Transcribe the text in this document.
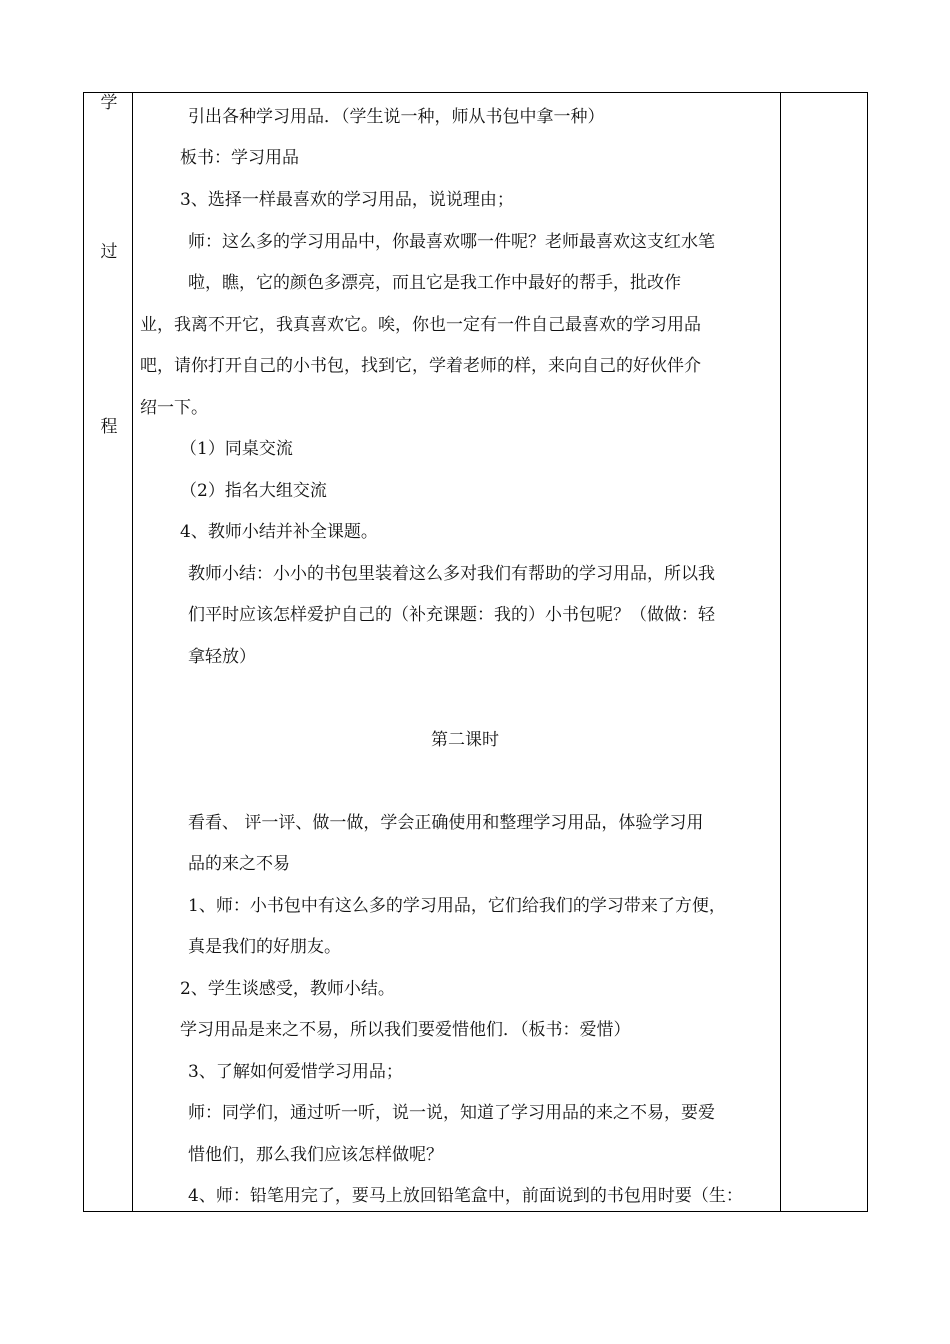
学
过
程
引出各种学习用品．（学生说一种，师从书包中拿一种）
板书：学习用品
3、选择一样最喜欢的学习用品，说说理由；
师：这么多的学习用品中，你最喜欢哪一件呢？老师最喜欢这支红水笔
啦，瞧，它的颜色多漂亮，而且它是我工作中最好的帮手，批改作
业，我离不开它，我真喜欢它。唉，你也一定有一件自己最喜欢的学习用品
吧，请你打开自己的小书包，找到它，学着老师的样，来向自己的好伙伴介
绍一下。
（1）同桌交流
（2）指名大组交流
4、教师小结并补全课题。
教师小结：小小的书包里装着这么多对我们有帮助的学习用品，所以我
们平时应该怎样爱护自己的（补充课题：我的）小书包呢？（做做：轻
拿轻放）
第二课时
看看、 评一评、做一做，学会正确使用和整理学习用品，体验学习用
品的来之不易
1、师：小书包中有这么多的学习用品，它们给我们的学习带来了方便，
真是我们的好朋友。
2、学生谈感受，教师小结。
学习用品是来之不易，所以我们要爱惜他们．（板书：爱惜）
3、了解如何爱惜学习用品；
师：同学们，通过听一听，说一说，知道了学习用品的来之不易，要爱
惜他们，那么我们应该怎样做呢？
4、师：铅笔用完了，要马上放回铅笔盒中，前面说到的书包用时要（生：
